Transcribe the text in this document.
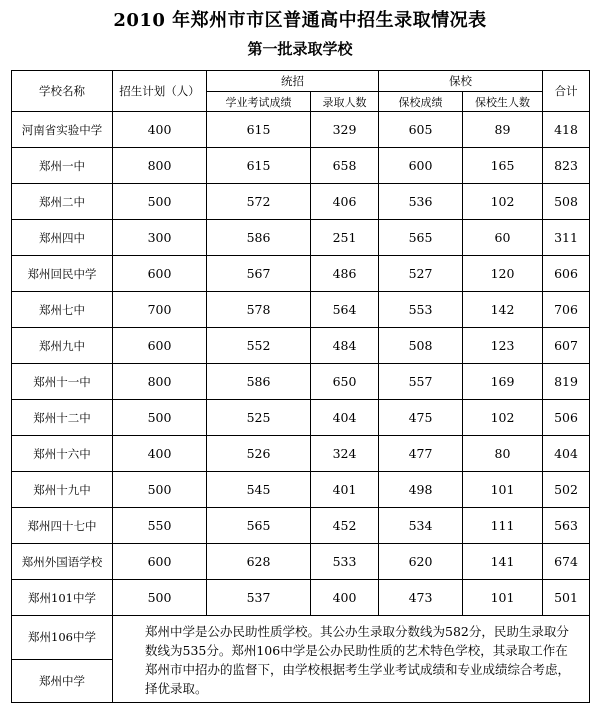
2010 年郑州市市区普通高中招生录取情况表
第一批录取学校
学校名称	招生计划（人）	统招		保校		合计
		学业考试成绩	录取人数	保校成绩	保校生人数	
河南省实验中学	400	615	329	605	89	418
郑州一中	800	615	658	600	165	823
郑州二中	500	572	406	536	102	508
郑州四中	300	586	251	565	60	311
郑州回民中学	600	567	486	527	120	606
郑州七中	700	578	564	553	142	706
郑州九中	600	552	484	508	123	607
郑州十一中	800	586	650	557	169	819
郑州十二中	500	525	404	475	102	506
郑州十六中	400	526	324	477	80	404
郑州十九中	500	545	401	498	101	502
郑州四十七中	550	565	452	534	111	563
郑州外国语学校	600	628	533	620	141	674
郑州101中学	500	537	400	473	101	501
郑州106中学	郑州中学是公办民助性质学校。其公办生录取分数线为582分，民助生录取分数线为535分。郑州106中学是公办民助性质的艺术特色学校，其录取工作在郑州市中招办的监督下，由学校根据考生学业考试成绩和专业成绩综合考虑，择优录取。					
郑州中学						
